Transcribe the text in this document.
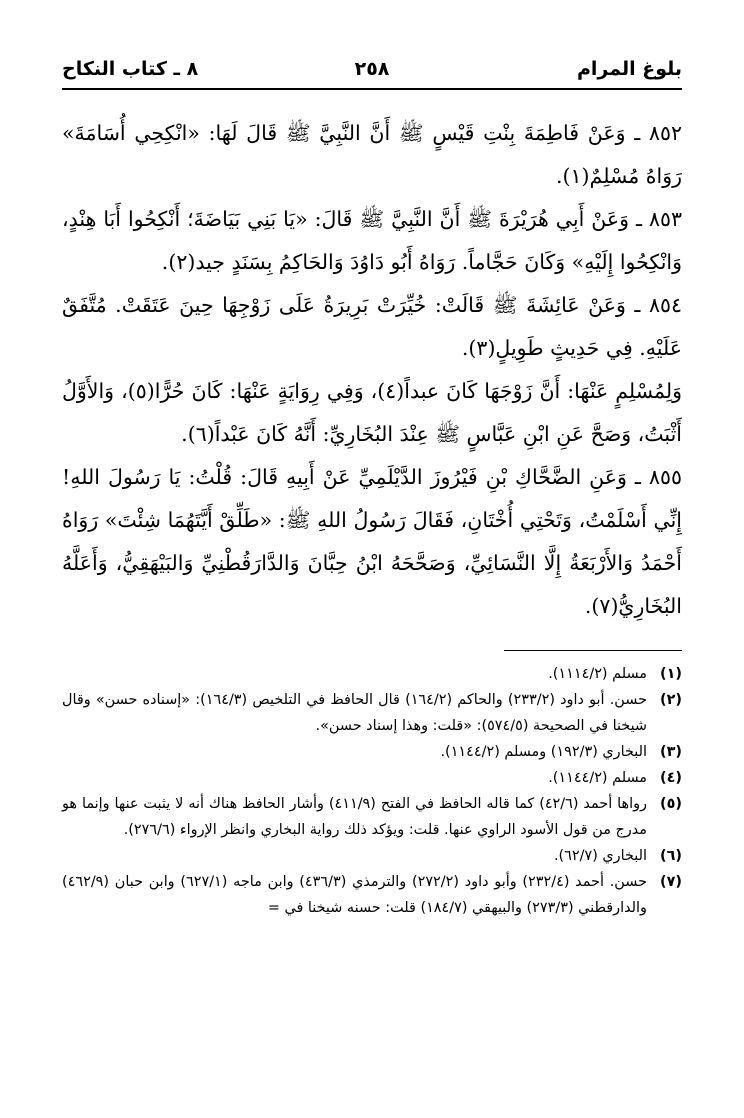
بلوغ المرام
٢٥٨
٨ ـ كتاب النكاح

٨٥٢ ـ وَعَنْ فَاطِمَةَ بِنْتِ قَيْسٍ ﷺ أَنَّ النَّبِيَّ ﷺ قَالَ لَهَا: «انْكِحِي أُسَامَةَ» رَوَاهُ مُسْلِمٌ(١).

٨٥٣ ـ وَعَنْ أَبِي هُرَيْرَةَ ﷺ أَنَّ النَّبِيَّ ﷺ قَالَ: «يَا بَنِي بَيَاضَةَ؛ أَنْكِحُوا أَبَا هِنْدٍ، وَانْكِحُوا إِلَيْهِ» وَكَانَ حَجَّاماً. رَوَاهُ أَبُو دَاوُدَ وَالحَاكِمُ بِسَنَدٍ جيد(٢).

٨٥٤ ـ وَعَنْ عَائِشَةَ ﷺ قَالَتْ: خُيِّرَتْ بَرِيرَةُ عَلَى زَوْجِهَا حِينَ عَتَقَتْ. مُتَّفَقٌ عَلَيْهِ. فِي حَدِيثٍ طَوِيلٍ(٣).

وَلِمُسْلِمٍ عَنْهَا: أَنَّ زَوْجَهَا كَانَ عبداً(٤)، وَفِي رِوَايَةٍ عَنْهَا: كَانَ حُرًّا(٥)، وَالأَوَّلُ أَثْبَتُ، وَصَحَّ عَنِ ابْنِ عَبَّاسٍ ﷺ عِنْدَ البُخَارِيِّ: أَنَّهُ كَانَ عَبْداً(٦).

٨٥٥ ـ وَعَنِ الضَّحَّاكِ بْنِ فَيْرُوزَ الدَّيْلَمِيِّ عَنْ أَبِيهِ قَالَ: قُلْتُ: يَا رَسُولَ اللهِ! إِنِّي أَسْلَمْتُ، وَتَحْتِي أُخْتَانِ، فَقَالَ رَسُولُ اللهِ ﷺ: «طَلِّقْ أَيَّتَهُمَا شِئْتَ» رَوَاهُ أَحْمَدُ وَالأَرْبَعَةُ إِلَّا النَّسَائِيِّ، وَصَحَّحَهُ ابْنُ حِبَّانَ وَالدَّارَقُطْنِيِّ وَالبَيْهَقِيُّ، وَأَعَلَّهُ البُخَارِيُّ(٧).

(١)
مسلم (١١١٤/٢).
(٢)
حسن. أبو داود (٢٣٣/٢) والحاكم (١٦٤/٢) قال الحافظ في التلخيص (١٦٤/٣): «إسناده حسن» وقال شيخنا في الصحيحة (٥٧٤/٥): «قلت: وهذا إسناد حسن».
(٣)
البخاري (١٩٢/٣) ومسلم (١١٤٤/٢).
(٤)
مسلم (١١٤٤/٢).
(٥)
رواها أحمد (٤٢/٦) كما قاله الحافظ في الفتح (٤١١/٩) وأشار الحافظ هناك أنه لا يثبت عنها وإنما هو مدرج من قول الأسود الراوي عنها. قلت: ويؤكد ذلك رواية البخاري وانظر الإرواء (٢٧٦/٦).
(٦)
البخاري (٦٢/٧).
(٧)
حسن. أحمد (٢٣٢/٤) وأبو داود (٢٧٢/٢) والترمذي (٤٣٦/٣) وابن ماجه (٦٢٧/١) وابن حبان (٤٦٢/٩) والدارقطني (٢٧٣/٣) والبيهقي (١٨٤/٧) قلت: حسنه شيخنا في =
